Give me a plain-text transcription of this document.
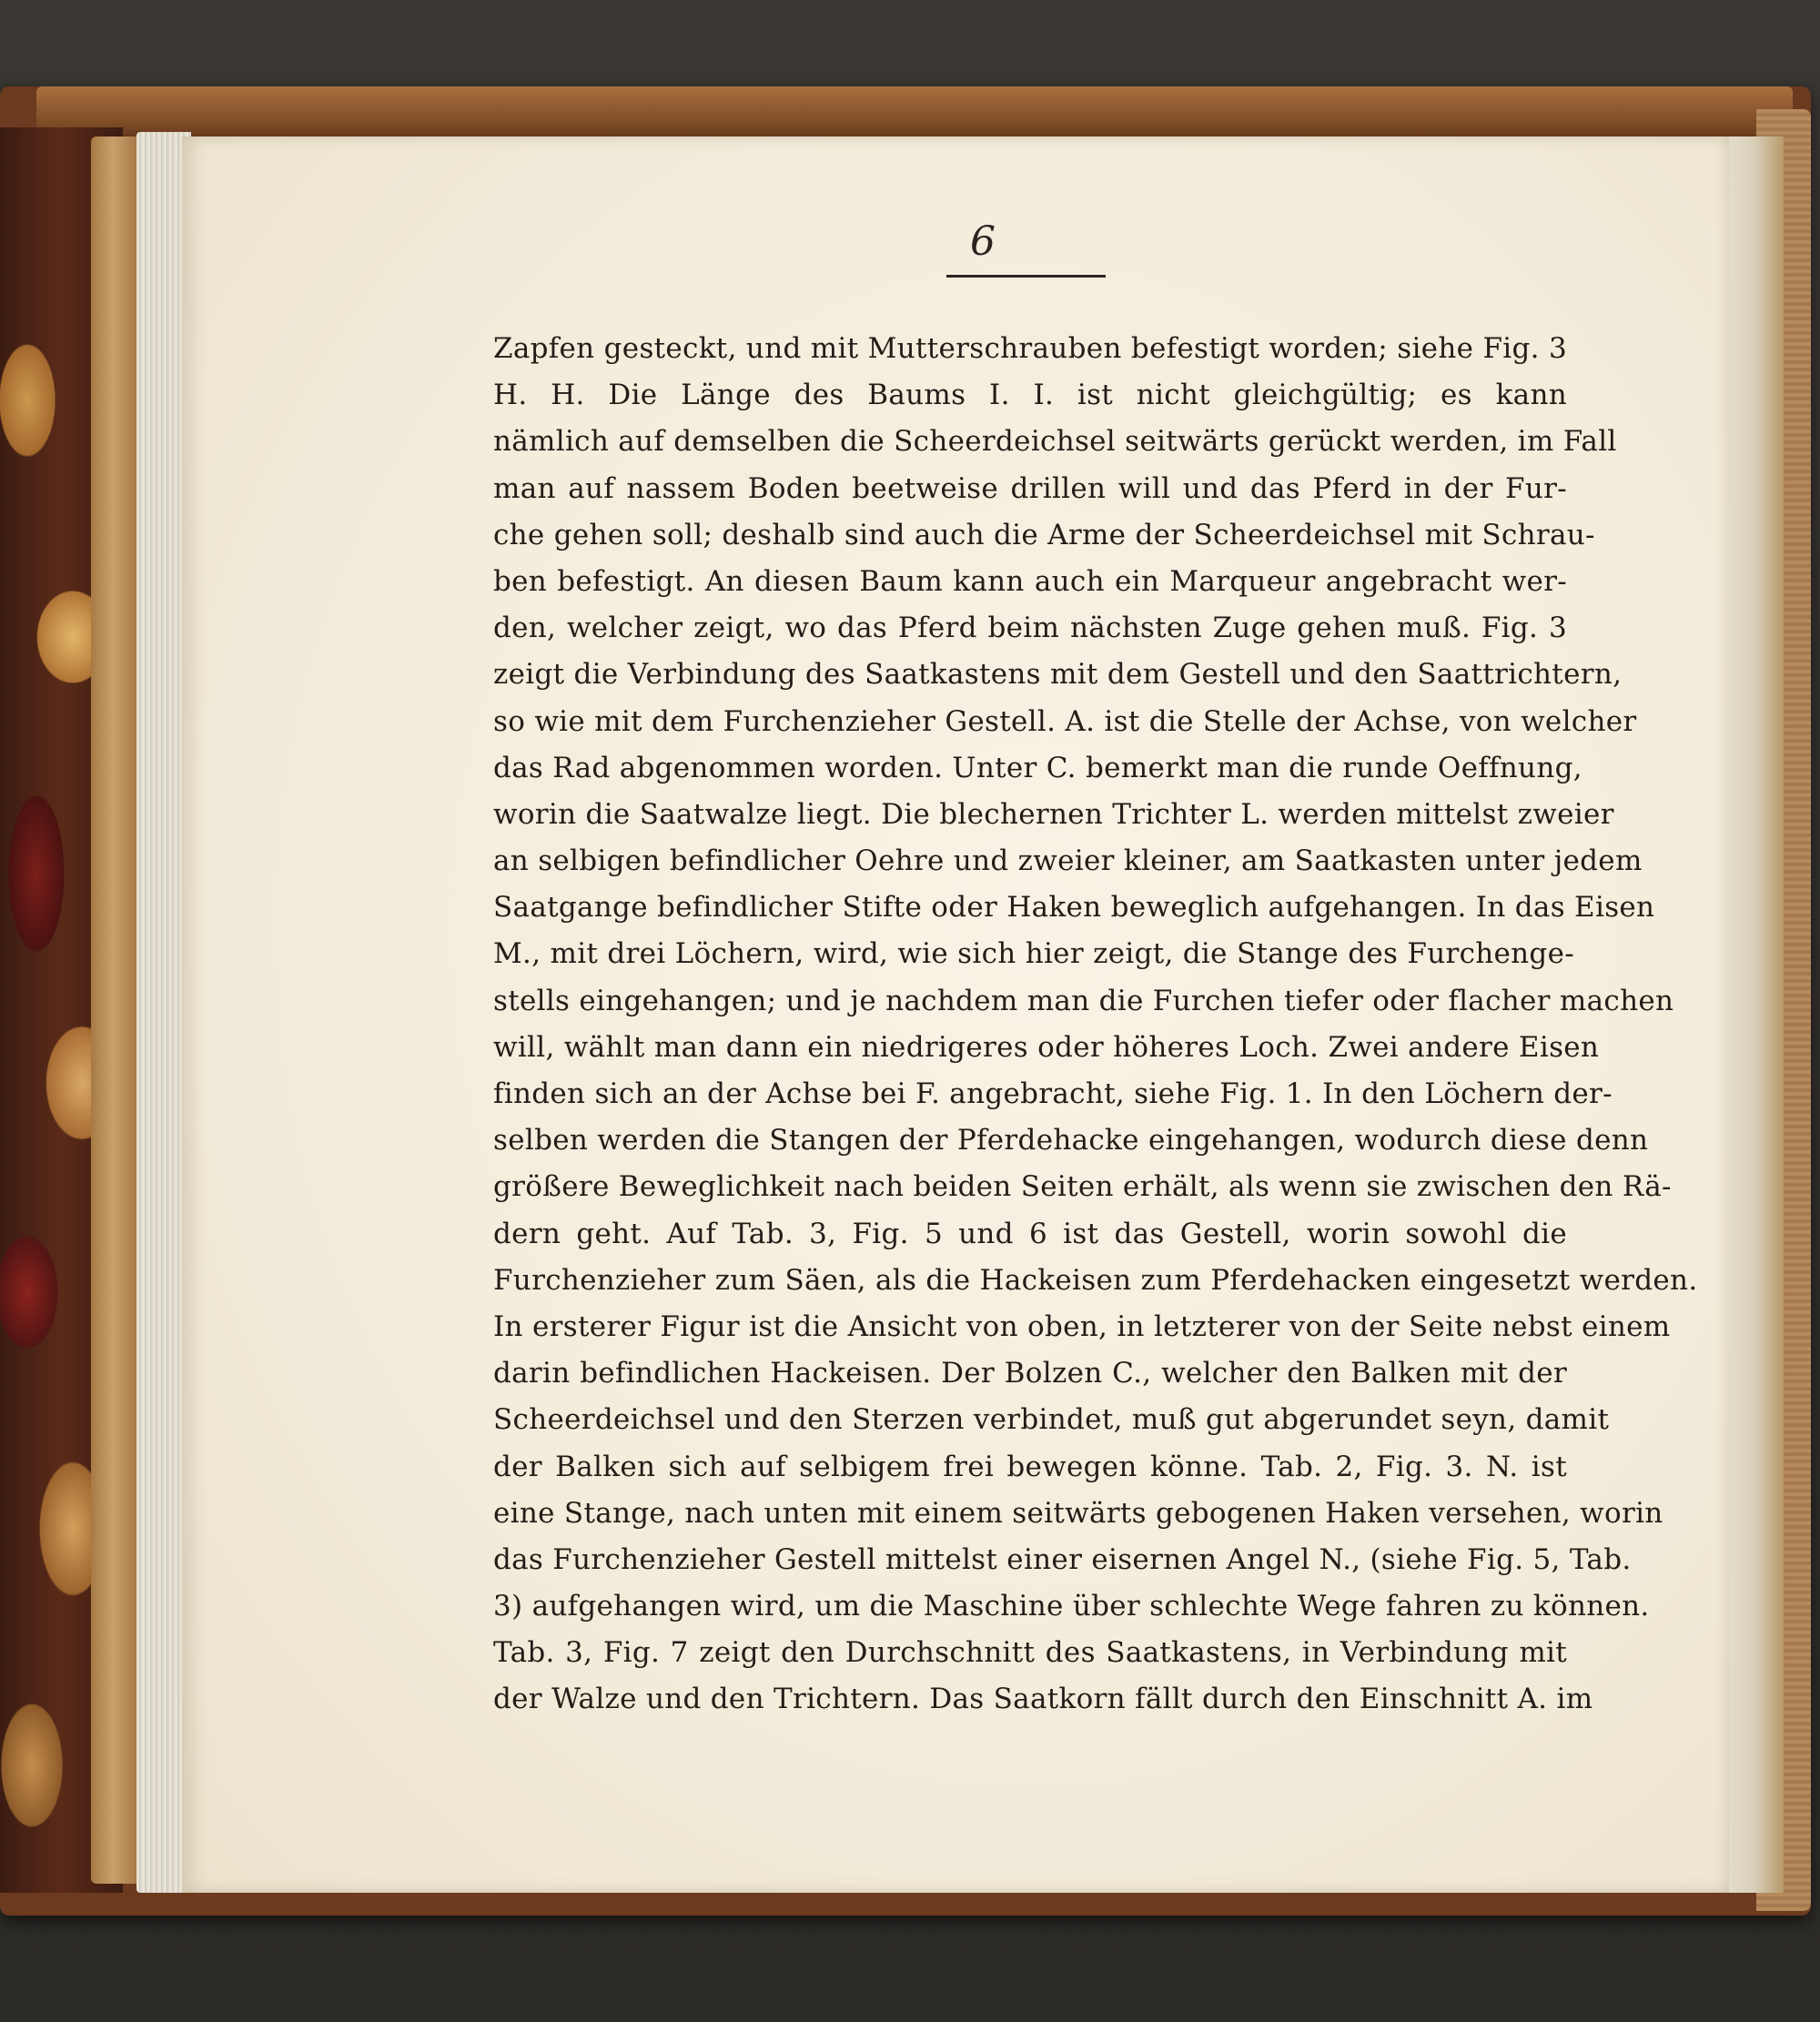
6
Zapfen gesteckt, und mit Mutterschrauben befestigt worden; siehe Fig. 3
H. H. Die Länge des Baums I. I. ist nicht gleichgültig; es kann
nämlich auf demselben die Scheerdeichsel seitwärts gerückt werden, im Fall
man auf nassem Boden beetweise drillen will und das Pferd in der Fur-
che gehen soll; deshalb sind auch die Arme der Scheerdeichsel mit Schrau-
ben befestigt. An diesen Baum kann auch ein Marqueur angebracht wer-
den, welcher zeigt, wo das Pferd beim nächsten Zuge gehen muß. Fig. 3
zeigt die Verbindung des Saatkastens mit dem Gestell und den Saattrichtern,
so wie mit dem Furchenzieher Gestell. A. ist die Stelle der Achse, von welcher
das Rad abgenommen worden. Unter C. bemerkt man die runde Oeffnung,
worin die Saatwalze liegt. Die blechernen Trichter L. werden mittelst zweier
an selbigen befindlicher Oehre und zweier kleiner, am Saatkasten unter jedem
Saatgange befindlicher Stifte oder Haken beweglich aufgehangen. In das Eisen
M., mit drei Löchern, wird, wie sich hier zeigt, die Stange des Furchenge-
stells eingehangen; und je nachdem man die Furchen tiefer oder flacher machen
will, wählt man dann ein niedrigeres oder höheres Loch. Zwei andere Eisen
finden sich an der Achse bei F. angebracht, siehe Fig. 1. In den Löchern der-
selben werden die Stangen der Pferdehacke eingehangen, wodurch diese denn
größere Beweglichkeit nach beiden Seiten erhält, als wenn sie zwischen den Rä-
dern geht. Auf Tab. 3, Fig. 5 und 6 ist das Gestell, worin sowohl die
Furchenzieher zum Säen, als die Hackeisen zum Pferdehacken eingesetzt werden.
In ersterer Figur ist die Ansicht von oben, in letzterer von der Seite nebst einem
darin befindlichen Hackeisen. Der Bolzen C., welcher den Balken mit der
Scheerdeichsel und den Sterzen verbindet, muß gut abgerundet seyn, damit
der Balken sich auf selbigem frei bewegen könne. Tab. 2, Fig. 3. N. ist
eine Stange, nach unten mit einem seitwärts gebogenen Haken versehen, worin
das Furchenzieher Gestell mittelst einer eisernen Angel N., (siehe Fig. 5, Tab.
3) aufgehangen wird, um die Maschine über schlechte Wege fahren zu können.
Tab. 3, Fig. 7 zeigt den Durchschnitt des Saatkastens, in Verbindung mit
der Walze und den Trichtern. Das Saatkorn fällt durch den Einschnitt A. im
